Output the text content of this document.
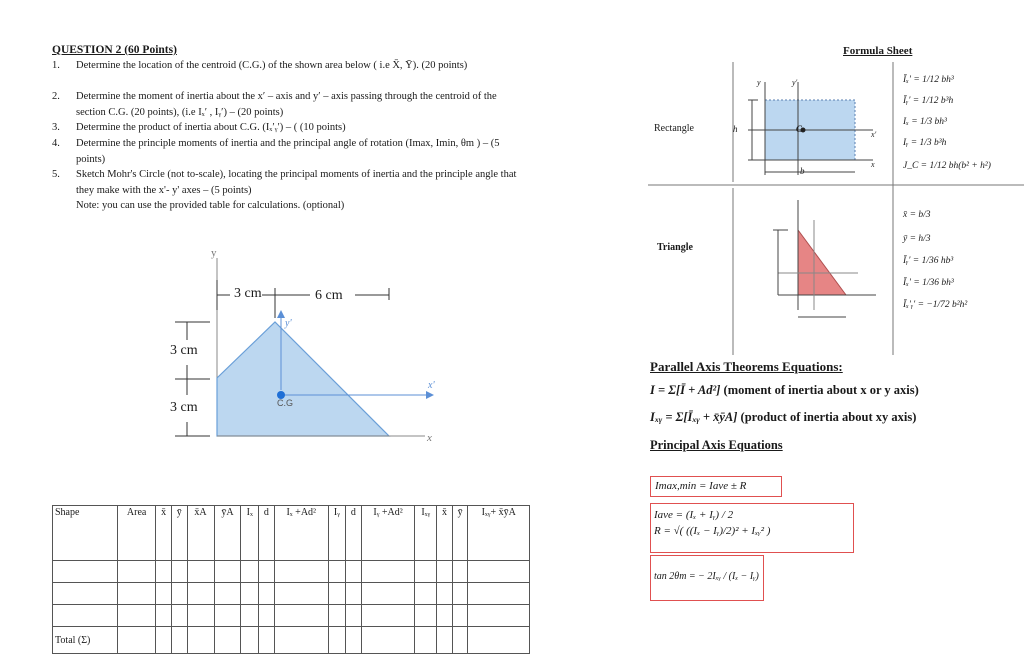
QUESTION 2 (60 Points)
1.	Determine the location of the centroid (C.G.) of the shown area below ( i.e X̄, Ȳ). (20 points)
2.	Determine the moment of inertia about the x′ – axis and y′ – axis passing through the centroid of the section C.G. (20 points), (i.e Iₓ′ , Iᵧ′) – (20 points)
3.	Determine the product of inertia about C.G. (Iₓ′ᵧ′) – ( (10 points)
4.	Determine the principle moments of inertia and the principal angle of rotation (Imax, Imin, θm ) – (5 points)
5.	Sketch Mohr's Circle (not to-scale), locating the principal moments of inertia and the principle angle that they make with the x'- y' axes – (5 points)
Note: you can use the provided table for calculations. (optional)
y
y'
x
x'
C.G
3 cm	6 cm
3 cm
3 cm
Shape	Area	x̄	ȳ	x̄A	ȳA	Iₓ	d	Iₓ +Ad²	Iᵧ	d	Iᵧ +Ad²	Iₓᵧ	x̄	ȳ	Iₓᵧ+ x̄ȳA

Total (Σ)															
Formula Sheet
Rectangle
y	y'
x'
x
h
b
C
Īₓ′ = 1/12 bh³
Īᵧ′ = 1/12 b³h
Iₓ = 1/3 bh³
Iᵧ = 1/3 b³h
J_C = 1/12 bh(b² + h²)
Triangle
x̄ = b/3
ȳ = h/3
Īᵧ′ = 1/36 hb³
Īₓ′ = 1/36 bh³
Īₓ′ᵧ′ = −1/72 b²h²
Parallel Axis Theorems Equations:
I = Σ[Ī + Ad²] (moment of inertia about x or y axis)
Iₓᵧ = Σ[Īₓᵧ + x̄ȳA] (product of inertia about xy axis)
Principal Axis Equations
Imax,min = Iave ± R
Iave = (Iₓ + Iᵧ) / 2
R = √( ((Iₓ − Iᵧ)/2)² + Iₓᵧ² )
tan 2θm = − 2Iₓᵧ / (Iₓ − Iᵧ)
